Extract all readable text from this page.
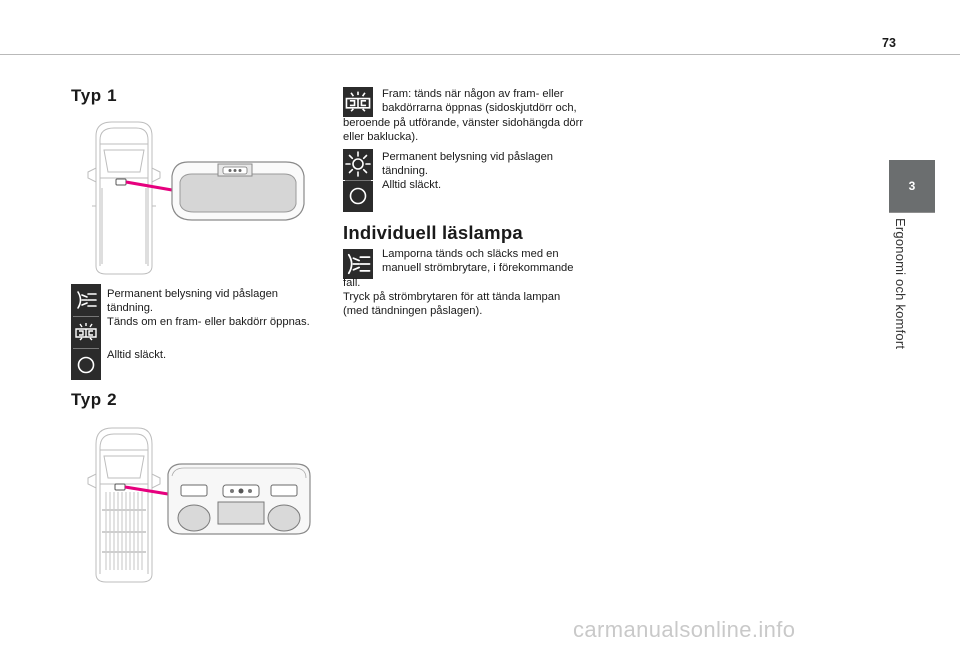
73
3
Ergonomi och komfort
Typ 1
Permanent belysning vid påslagen
tändning.
Tänds om en fram- eller bakdörr öppnas.
Alltid släckt.
Typ 2
Fram: tänds när någon av fram- eller
bakdörrarna öppnas (sidoskjutdörr och,
beroende på utförande, vänster sidohängda dörr
eller baklucka).
Permanent belysning vid påslagen
tändning.
Alltid släckt.
Individuell läslampa
Lamporna tänds och släcks med en
manuell strömbrytare, i förekommande
fall.
Tryck på strömbrytaren för att tända lampan
(med tändningen påslagen).
carmanualsonline.info
